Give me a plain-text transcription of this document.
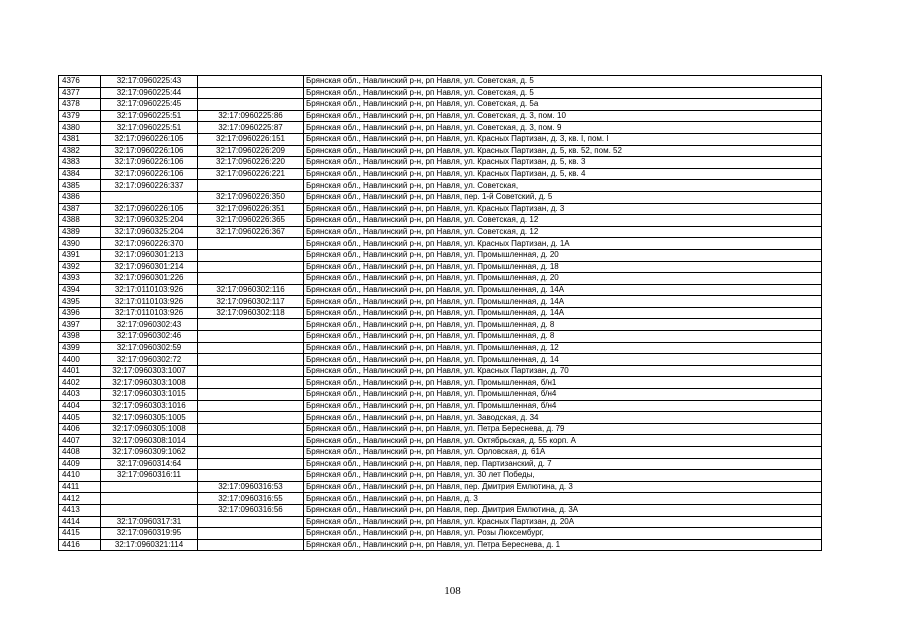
4376	32:17:0960225:43		Брянская обл., Навлинский р-н, рп Навля, ул. Советская, д. 5
4377	32:17:0960225:44		Брянская обл., Навлинский р-н, рп Навля, ул. Советская, д. 5
4378	32:17:0960225:45		Брянская обл., Навлинский р-н, рп Навля, ул. Советская, д. 5а
4379	32:17:0960225:51	32:17:0960225:86	Брянская обл., Навлинский р-н, рп Навля, ул. Советская, д. 3, пом. 10
4380	32:17:0960225:51	32:17:0960225:87	Брянская обл., Навлинский р-н, рп Навля, ул. Советская, д. 3, пом. 9
4381	32:17:0960226:105	32:17:0960226:151	Брянская обл., Навлинский р-н, рп Навля, ул. Красных Партизан, д. 3, кв. I, пом. I
4382	32:17:0960226:106	32:17:0960226:209	Брянская обл., Навлинский р-н, рп Навля, ул. Красных Партизан, д. 5, кв. 52, пом. 52
4383	32:17:0960226:106	32:17:0960226:220	Брянская обл., Навлинский р-н, рп Навля, ул. Красных Партизан, д. 5, кв. 3
4384	32:17:0960226:106	32:17:0960226:221	Брянская обл., Навлинский р-н, рп Навля, ул. Красных Партизан, д. 5, кв. 4
4385	32:17:0960226:337		Брянская обл., Навлинский р-н, рп Навля, ул. Советская,
4386		32:17:0960226:350	Брянская обл., Навлинский р-н, рп Навля, пер. 1-й Советский, д. 5
4387	32:17:0960226:105	32:17:0960226:351	Брянская обл., Навлинский р-н, рп Навля, ул. Красных Партизан, д. 3
4388	32:17:0960325:204	32:17:0960226:365	Брянская обл., Навлинский р-н, рп Навля, ул. Советская, д. 12
4389	32:17:0960325:204	32:17:0960226:367	Брянская обл., Навлинский р-н, рп Навля, ул. Советская, д. 12
4390	32:17:0960226:370		Брянская обл., Навлинский р-н, рп Навля, ул. Красных Партизан, д. 1А
4391	32:17:0960301:213		Брянская обл., Навлинский р-н, рп Навля, ул. Промышленная, д. 20
4392	32:17:0960301:214		Брянская обл., Навлинский р-н, рп Навля, ул. Промышленная, д. 18
4393	32:17:0960301:226		Брянская обл., Навлинский р-н, рп Навля, ул. Промышленная, д. 20
4394	32:17:0110103:926	32:17:0960302:116	Брянская обл., Навлинский р-н, рп Навля, ул. Промышленная, д. 14А
4395	32:17:0110103:926	32:17:0960302:117	Брянская обл., Навлинский р-н, рп Навля, ул. Промышленная, д. 14А
4396	32:17:0110103:926	32:17:0960302:118	Брянская обл., Навлинский р-н, рп Навля, ул. Промышленная, д. 14А
4397	32:17:0960302:43		Брянская обл., Навлинский р-н, рп Навля, ул. Промышленная, д. 8
4398	32:17:0960302:46		Брянская обл., Навлинский р-н, рп Навля, ул. Промышленная, д. 8
4399	32:17:0960302:59		Брянская обл., Навлинский р-н, рп Навля, ул. Промышленная, д. 12
4400	32:17:0960302:72		Брянская обл., Навлинский р-н, рп Навля, ул. Промышленная, д. 14
4401	32:17:0960303:1007		Брянская обл., Навлинский р-н, рп Навля, ул. Красных Партизан, д. 70
4402	32:17:0960303:1008		Брянская обл., Навлинский р-н, рп Навля, ул. Промышленная, б/н1
4403	32:17:0960303:1015		Брянская обл., Навлинский р-н, рп Навля, ул. Промышленная, б/н4
4404	32:17:0960303:1016		Брянская обл., Навлинский р-н, рп Навля, ул. Промышленная, б/н4
4405	32:17:0960305:1005		Брянская обл., Навлинский р-н, рп Навля, ул. Заводская, д. 34
4406	32:17:0960305:1008		Брянская обл., Навлинский р-н, рп Навля, ул. Петра Береснева, д. 79
4407	32:17:0960308:1014		Брянская обл., Навлинский р-н, рп Навля, ул. Октябрьская, д. 55 корп. А
4408	32:17:0960309:1062		Брянская обл., Навлинский р-н, рп Навля, ул. Орловская, д. 61А
4409	32:17:0960314:64		Брянская обл., Навлинский р-н, рп Навля, пер. Партизанский, д. 7
4410	32:17:0960316:11		Брянская обл., Навлинский р-н, рп Навля, ул. 30 лет Победы,
4411		32:17:0960316:53	Брянская обл., Навлинский р-н, рп Навля, пер. Дмитрия Емлютина, д. 3
4412		32:17:0960316:55	Брянская обл., Навлинский р-н, рп Навля, д. 3
4413		32:17:0960316:56	Брянская обл., Навлинский р-н, рп Навля, пер. Дмитрия Емлютина, д. 3А
4414	32:17:0960317:31		Брянская обл., Навлинский р-н, рп Навля, ул. Красных Партизан, д. 20А
4415	32:17:0960319:95		Брянская обл., Навлинский р-н, рп Навля, ул. Розы Люксембург,
4416	32:17:0960321:114		Брянская обл., Навлинский р-н, рп Навля, ул. Петра Береснева, д. 1
108
